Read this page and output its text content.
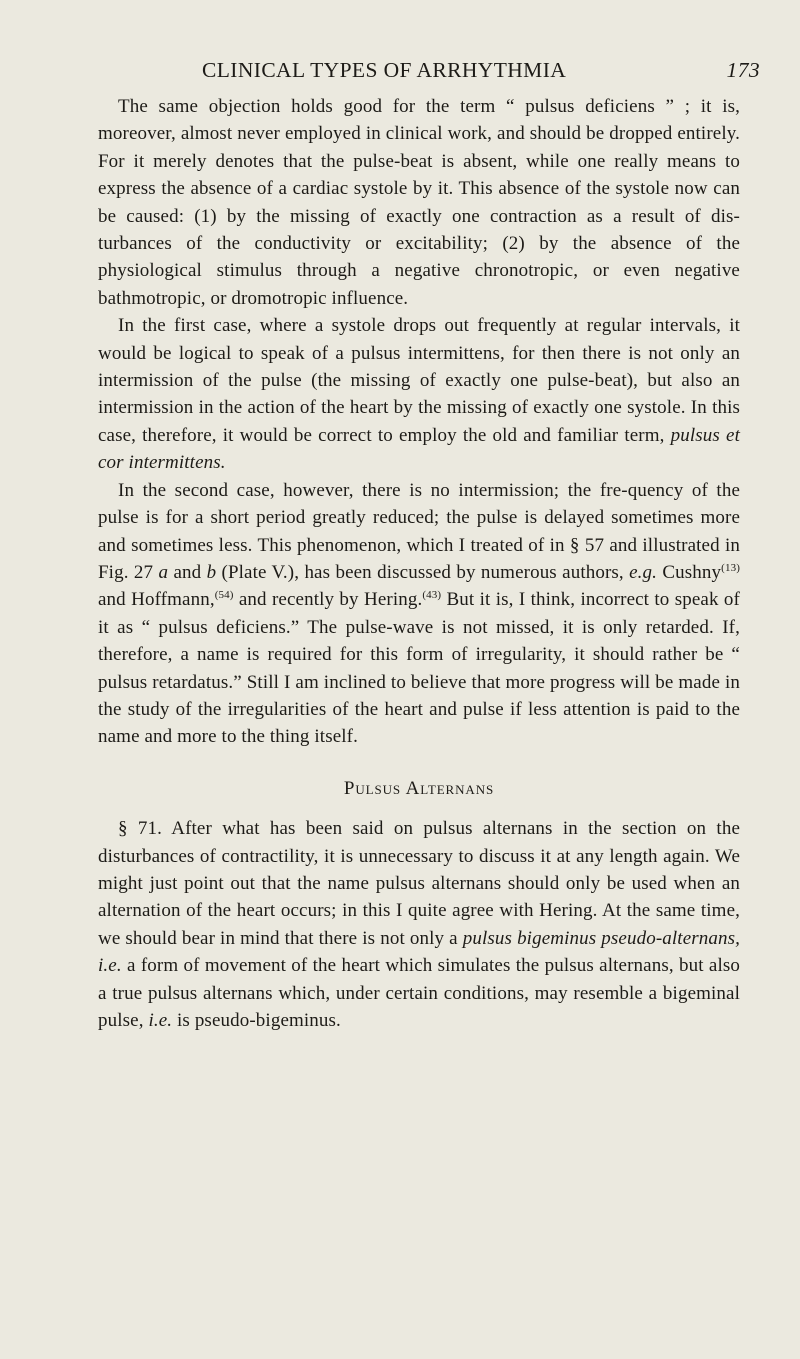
CLINICAL TYPES OF ARRHYTHMIA	173

The same objection holds good for the term “ pulsus deficiens ” ; it is, moreover, almost never employed in clinical work, and should be dropped entirely. For it merely denotes that the pulse-beat is absent, while one really means to express the absence of a cardiac systole by it. This absence of the systole now can be caused: (1) by the missing of exactly one contraction as a result of dis-turbances of the conductivity or excitability; (2) by the absence of the physiological stimulus through a negative chronotropic, or even negative bathmotropic, or dromotropic influence.

In the first case, where a systole drops out frequently at regular intervals, it would be logical to speak of a pulsus intermittens, for then there is not only an intermission of the pulse (the missing of exactly one pulse-beat), but also an intermission in the action of the heart by the missing of exactly one systole. In this case, therefore, it would be correct to employ the old and familiar term, pulsus et cor intermittens.

In the second case, however, there is no intermission; the fre-quency of the pulse is for a short period greatly reduced; the pulse is delayed sometimes more and sometimes less. This phenomenon, which I treated of in § 57 and illustrated in Fig. 27 a and b (Plate V.), has been discussed by numerous authors, e.g. Cushny$^{(13)}$ and Hoffmann,$^{(54)}$ and recently by Hering.$^{(43)}$ But it is, I think, incorrect to speak of it as “ pulsus deficiens.” The pulse-wave is not missed, it is only retarded. If, therefore, a name is required for this form of irregularity, it should rather be “ pulsus retardatus.” Still I am inclined to believe that more progress will be made in the study of the irregularities of the heart and pulse if less attention is paid to the name and more to the thing itself.

Pulsus Alternans

§ 71. After what has been said on pulsus alternans in the section on the disturbances of contractility, it is unnecessary to discuss it at any length again. We might just point out that the name pulsus alternans should only be used when an alternation of the heart occurs; in this I quite agree with Hering. At the same time, we should bear in mind that there is not only a pulsus bigeminus pseudo-alternans, i.e. a form of movement of the heart which simulates the pulsus alternans, but also a true pulsus alternans which, under certain conditions, may resemble a bigeminal pulse, i.e. is pseudo-bigeminus.
